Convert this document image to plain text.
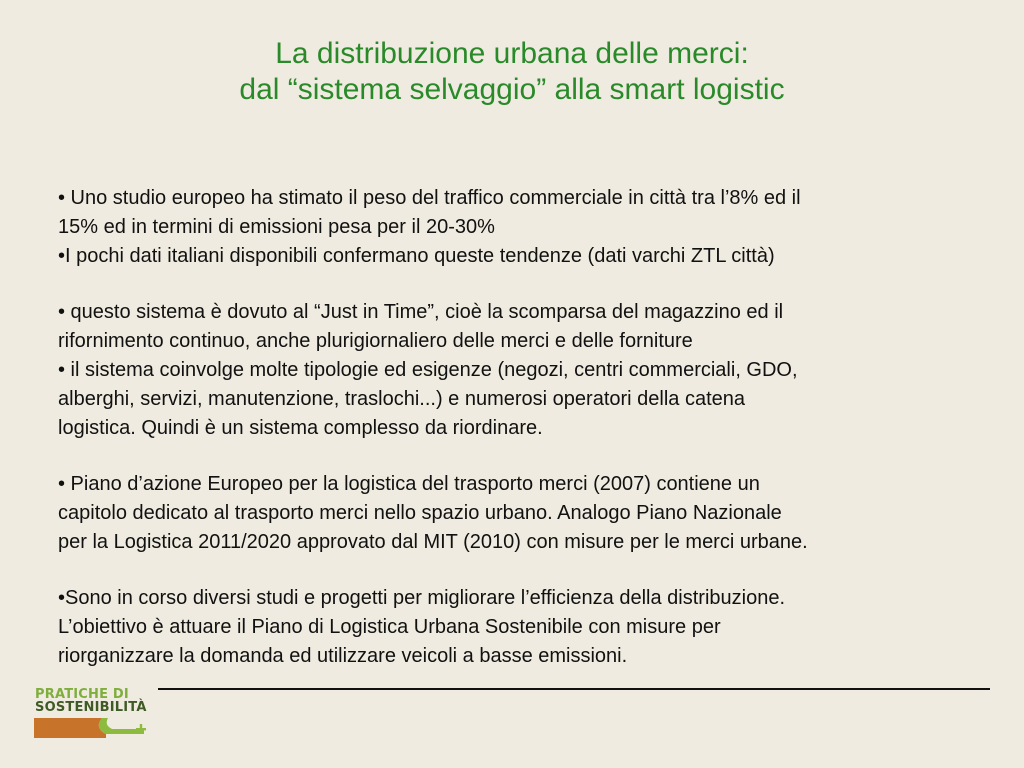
La distribuzione urbana delle merci:
dal “sistema selvaggio” alla smart logistic
• Uno studio europeo ha stimato il peso del traffico commerciale in città tra l’8% ed il
15% ed in termini di emissioni pesa per il 20-30%
•I pochi dati italiani disponibili confermano queste tendenze (dati varchi ZTL città)
• questo sistema è dovuto al “Just in Time”, cioè la scomparsa del magazzino ed il
rifornimento continuo, anche plurigiornaliero delle merci e delle forniture
• il sistema coinvolge molte tipologie ed esigenze (negozi, centri commerciali, GDO,
alberghi, servizi, manutenzione, traslochi...) e numerosi operatori della catena
logistica. Quindi è un sistema complesso da riordinare.
• Piano d’azione Europeo per la logistica del trasporto merci (2007) contiene un
capitolo dedicato al trasporto merci nello spazio urbano. Analogo Piano Nazionale
per la Logistica 2011/2020 approvato dal MIT (2010) con misure per le merci urbane.
•Sono in corso diversi studi e progetti per migliorare l’efficienza della distribuzione.
L’obiettivo è attuare il Piano di Logistica Urbana Sostenibile con misure per
riorganizzare la domanda ed utilizzare veicoli a basse emissioni.
PRATICHE DI
SOSTENIBILITÀ
